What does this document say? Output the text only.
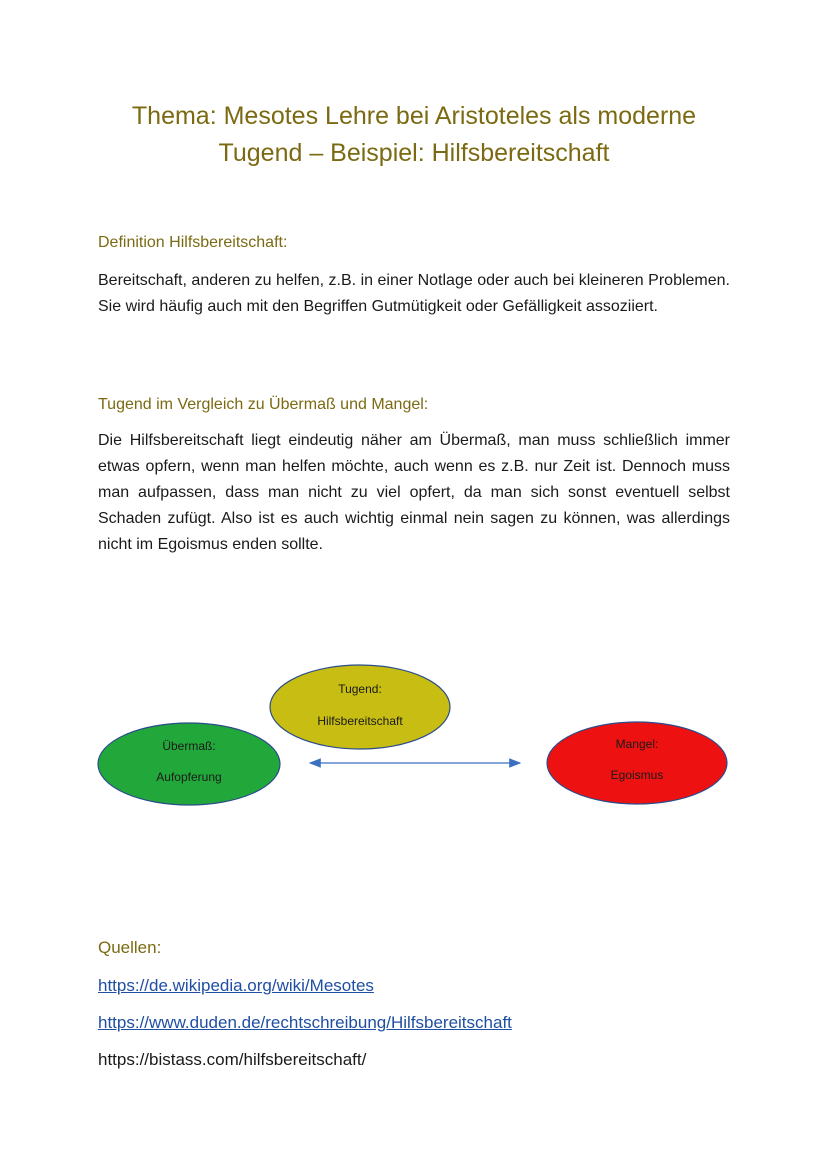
Thema: Mesotes Lehre bei Aristoteles als moderne
Tugend – Beispiel: Hilfsbereitschaft
Definition Hilfsbereitschaft:

Bereitschaft, anderen zu helfen, z.B. in einer Notlage oder auch bei kleineren Problemen. Sie wird häufig auch mit den Begriffen Gutmütigkeit oder Gefälligkeit assoziiert.

Tugend im Vergleich zu Übermaß und Mangel:

Die Hilfsbereitschaft liegt eindeutig näher am Übermaß, man muss schließlich immer etwas opfern, wenn man helfen möchte, auch wenn es z.B. nur Zeit ist. Dennoch muss man aufpassen, dass man nicht zu viel opfert, da man sich sonst eventuell selbst Schaden zufügt. Also ist es auch wichtig einmal nein sagen zu können, was allerdings nicht im Egoismus enden sollte.

Übermaß:
Aufopferung
Tugend:
Hilfsbereitschaft
Mangel:
Egoismus
Quellen:

https://de.wikipedia.org/wiki/Mesotes

https://www.duden.de/rechtschreibung/Hilfsbereitschaft

https://bistass.com/hilfsbereitschaft/
